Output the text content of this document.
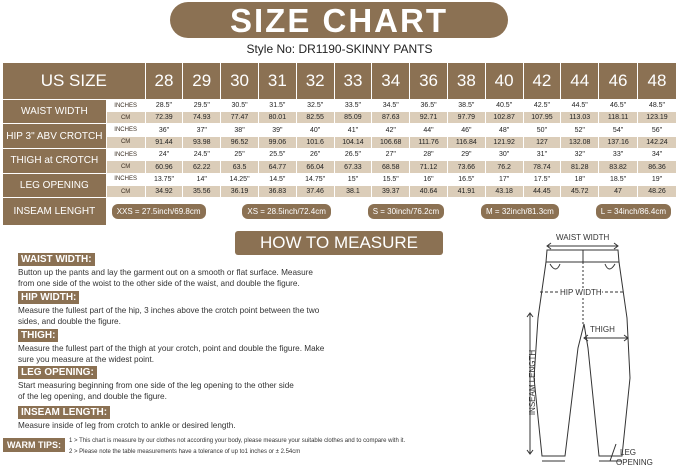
SIZE CHART
Style No: DR1190-SKINNY PANTS
US SIZE		28	29	30	31	32	33	34	36	38	40	42	44	46	48
WAIST WIDTH	INCHES	28.5"	29.5"	30.5"	31.5"	32.5"	33.5"	34.5"	36.5"	38.5"	40.5"	42.5"	44.5"	46.5"	48.5"
	CM	72.39	74.93	77.47	80.01	82.55	85.09	87.63	92.71	97.79	102.87	107.95	113.03	118.11	123.19
HIP 3" ABV CROTCH	INCHES	36"	37"	38"	39"	40"	41"	42"	44"	46"	48"	50"	52"	54"	56"
	CM	91.44	93.98	96.52	99.06	101.6	104.14	106.68	111.76	116.84	121.92	127	132.08	137.16	142.24
THIGH at CROTCH	INCHES	24"	24.5"	25"	25.5"	26"	26.5"	27"	28"	29"	30"	31"	32"	33"	34"
	CM	60.96	62.22	63.5	64.77	66.04	67.33	68.58	71.12	73.66	76.2	78.74	81.28	83.82	86.36
LEG OPENING	INCHES	13.75"	14"	14.25"	14.5"	14.75"	15"	15.5"	16"	16.5"	17"	17.5"	18"	18.5"	19"
	CM	34.92	35.56	36.19	36.83	37.46	38.1	39.37	40.64	41.91	43.18	44.45	45.72	47	48.26
INSEAM LENGHT	XXS = 27.5inch/69.8cm XS = 28.5inch/72.4cm S = 30inch/76.2cm M = 32inch/81.3cm L = 34inch/86.4cm														
HOW TO MEASURE
WAIST WIDTH:
Button up the pants and lay the garment out on a smooth or flat surface. Measure
from one side of the woist to the other side of the waist, and double the figure.
HIP WIDTH:
Measure the fullest part of the hip, 3 inches above the crotch point between the two
sides, and double the figure.
THIGH:
Measure the fullest part of the thigh at your crotch, point and double the figure. Make
sure you measure at the widest point.
LEG OPENING:
Start measuring beginning from one side of the leg opening to the other side
of the leg opening, and double the figure.
INSEAM LENGTH:
Measure inside of leg from crotch to ankle or desired length.
WARM TIPS:	1 > This chart is measure by our clothes not according your body, please measure your suitable clothes and to compare with it.
2 > Please note the table measurements have a tolerance of up to1 inches or ± 2.54cm
WAIST WIDTH
HIP WIDTH
THIGH
INSEAM LENGTH
LEG
OPENING
